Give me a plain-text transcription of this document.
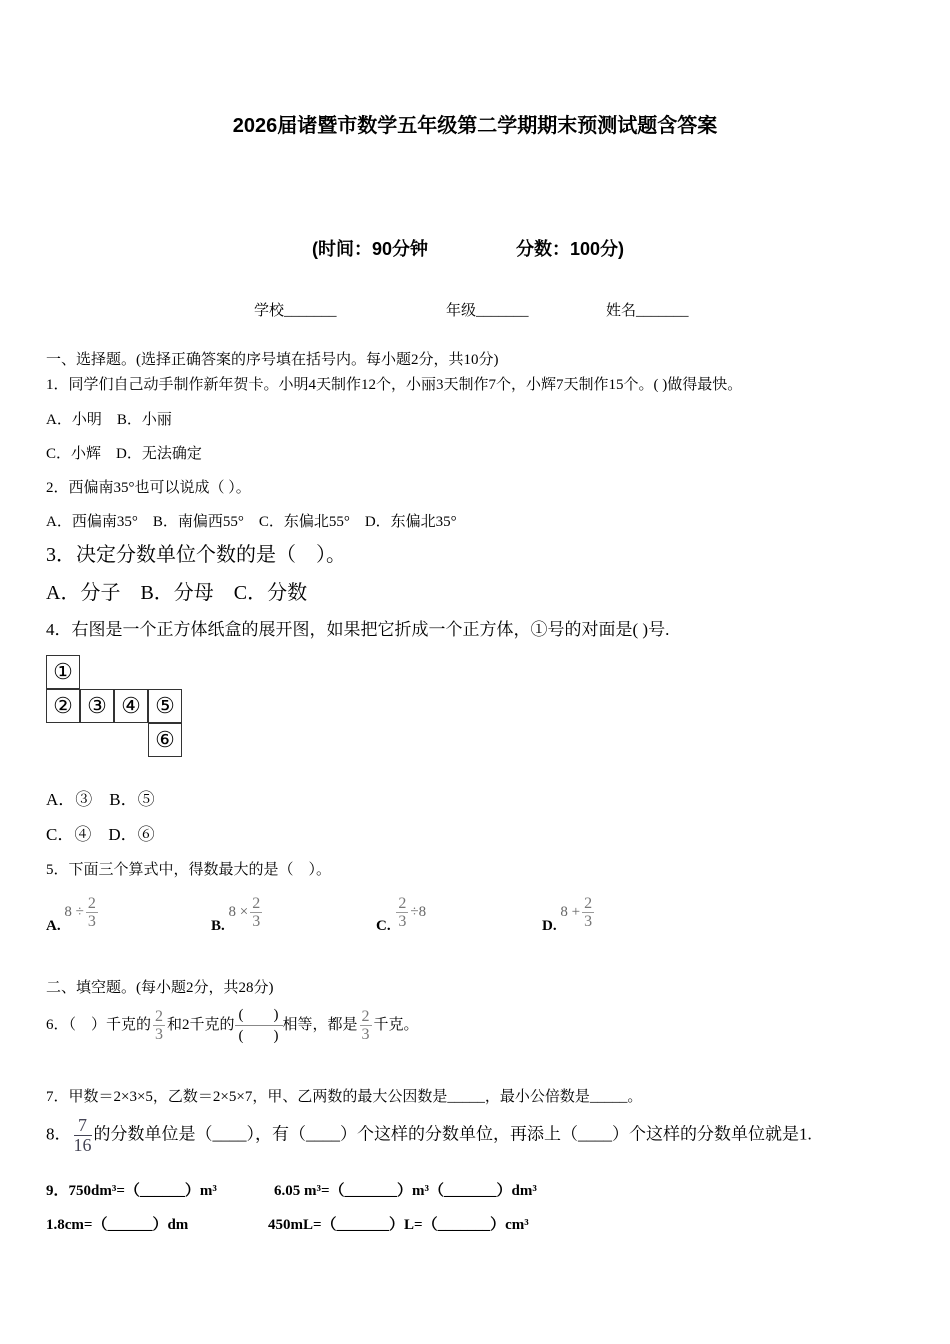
2026届诸暨市数学五年级第二学期期末预测试题含答案
(时间：90分钟	分数：100分)
学校_______	年级_______	姓名_______
一、选择题。(选择正确答案的序号填在括号内。每小题2分，共10分)
1．同学们自己动手制作新年贺卡。小明4天制作12个，小丽3天制作7个，小辉7天制作15个。( )做得最快。
A．小明　B．小丽
C．小辉　D．无法确定
2．西偏南35°也可以说成（ ）。
A．西偏南35°　B．南偏西55°　C．东偏北55°　D．东偏北35°
3．决定分数单位个数的是（　）。
A．分子　B．分母　C．分数
4．右图是一个正方体纸盒的展开图，如果把它折成一个正方体，①号的对面是( )号.
①
② ③ ④ ⑤
⑥
A．③　B．⑤
C．④　D．⑥
5．下面三个算式中，得数最大的是（　）。
A. $8 \div \frac{2}{3}$	B. $8 \times \frac{2}{3}$	C. $\frac{2}{3} \div 8$
D. $8 + \frac{2}{3}$
二、填空题。(每小题2分，共28分)
6．（　）千克的 $\frac{2}{3}$ 和2千克的
(　　)
(　　)
相等，都是 $\frac{2}{3}$ 千克。
7．甲数＝2×3×5，乙数＝2×5×7，甲、乙两数的最大公因数是_____，最小公倍数是_____。
8． $\frac{7}{16}$ 的分数单位是（____），有（____）个这样的分数单位，再添上（____）个这样的分数单位就是1.
9．750dm³=（______）m³	6.05 m³=（_______）m³（_______）dm³
1.8cm=（______）dm	450mL=（_______）L=（_______）cm³
